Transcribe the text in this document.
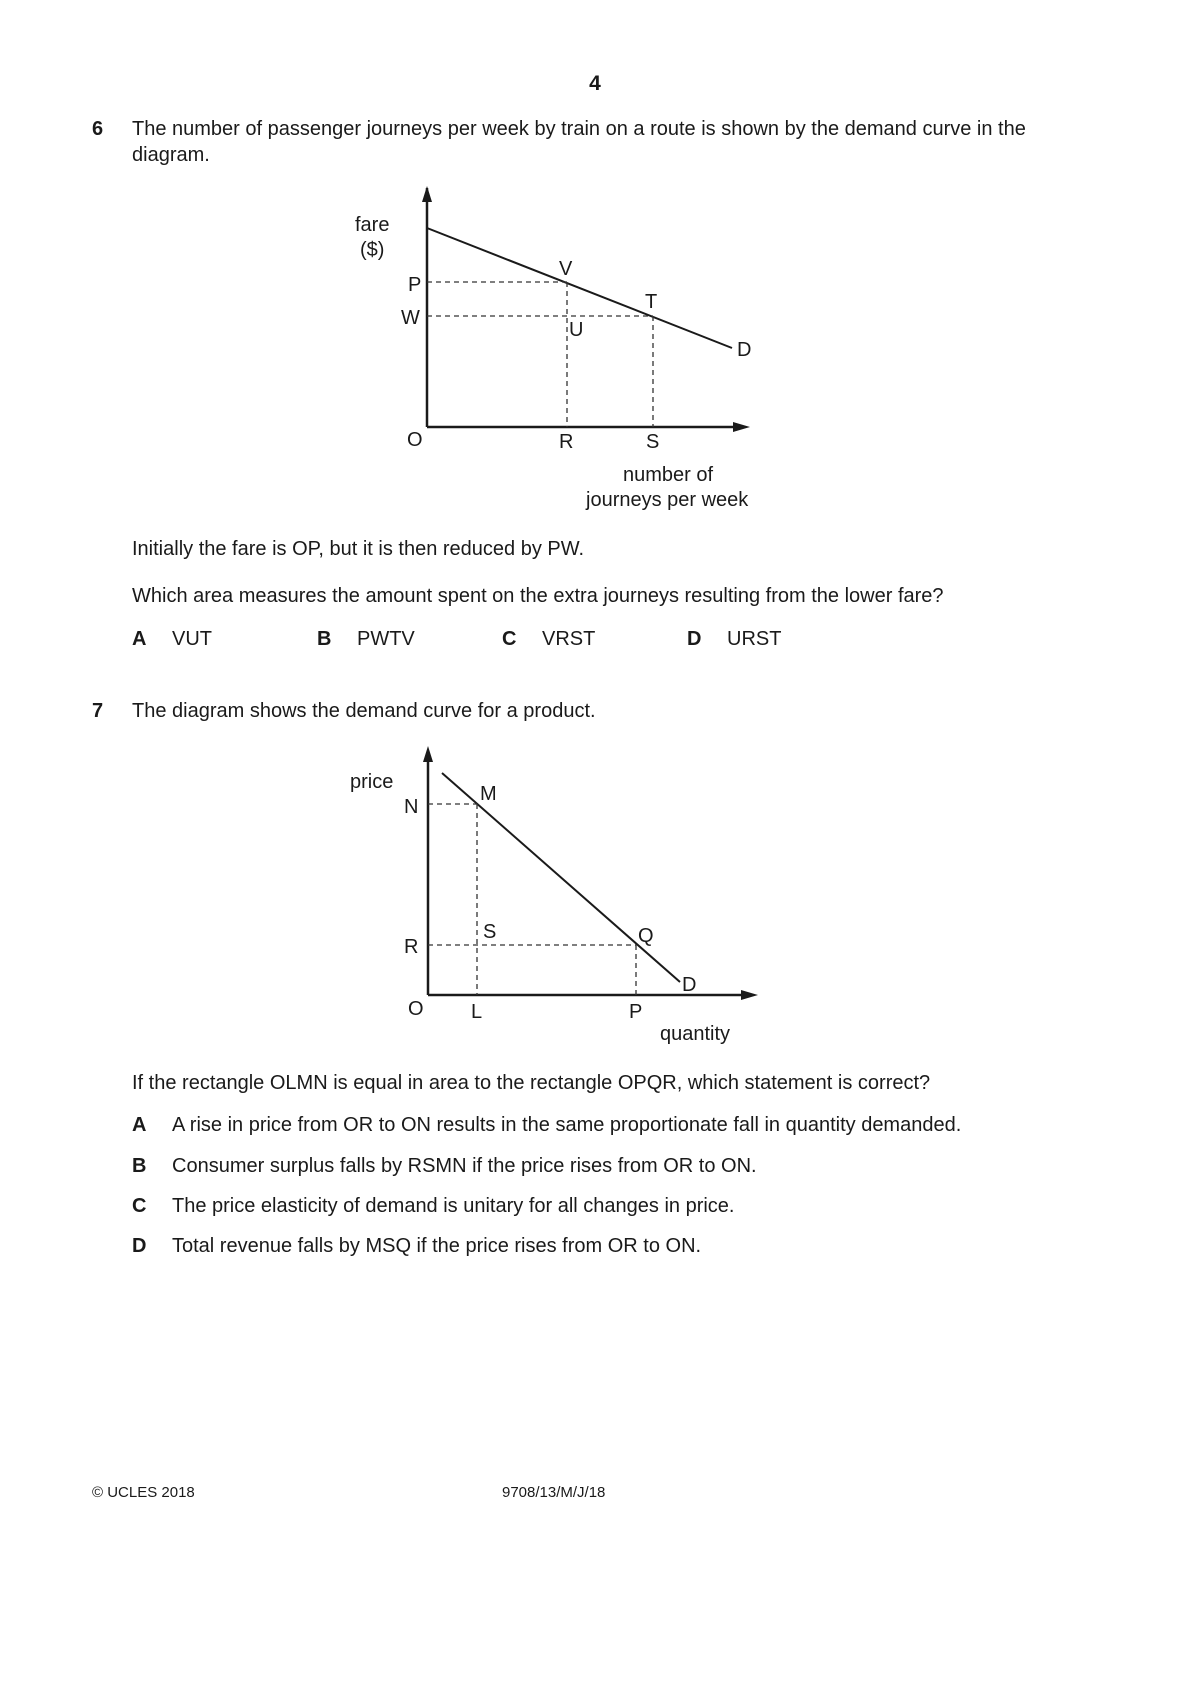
4
6 The number of passenger journeys per week by train on a route is shown by the demand curve in the diagram.
fare
($)
P
W
O	R	S
V
T
U
D
number of
journeys per week
Initially the fare is OP, but it is then reduced by PW.
Which area measures the amount spent on the extra journeys resulting from the lower fare?
A VUT	B PWTV	C VRST	D URST
7 The diagram shows the demand curve for a product.
price
N
M
R
S	Q
D
O L	P
quantity
If the rectangle OLMN is equal in area to the rectangle OPQR, which statement is correct?
A A rise in price from OR to ON results in the same proportionate fall in quantity demanded.
B Consumer surplus falls by RSMN if the price rises from OR to ON.
C The price elasticity of demand is unitary for all changes in price.
D Total revenue falls by MSQ if the price rises from OR to ON.
© UCLES 2018	9708/13/M/J/18
